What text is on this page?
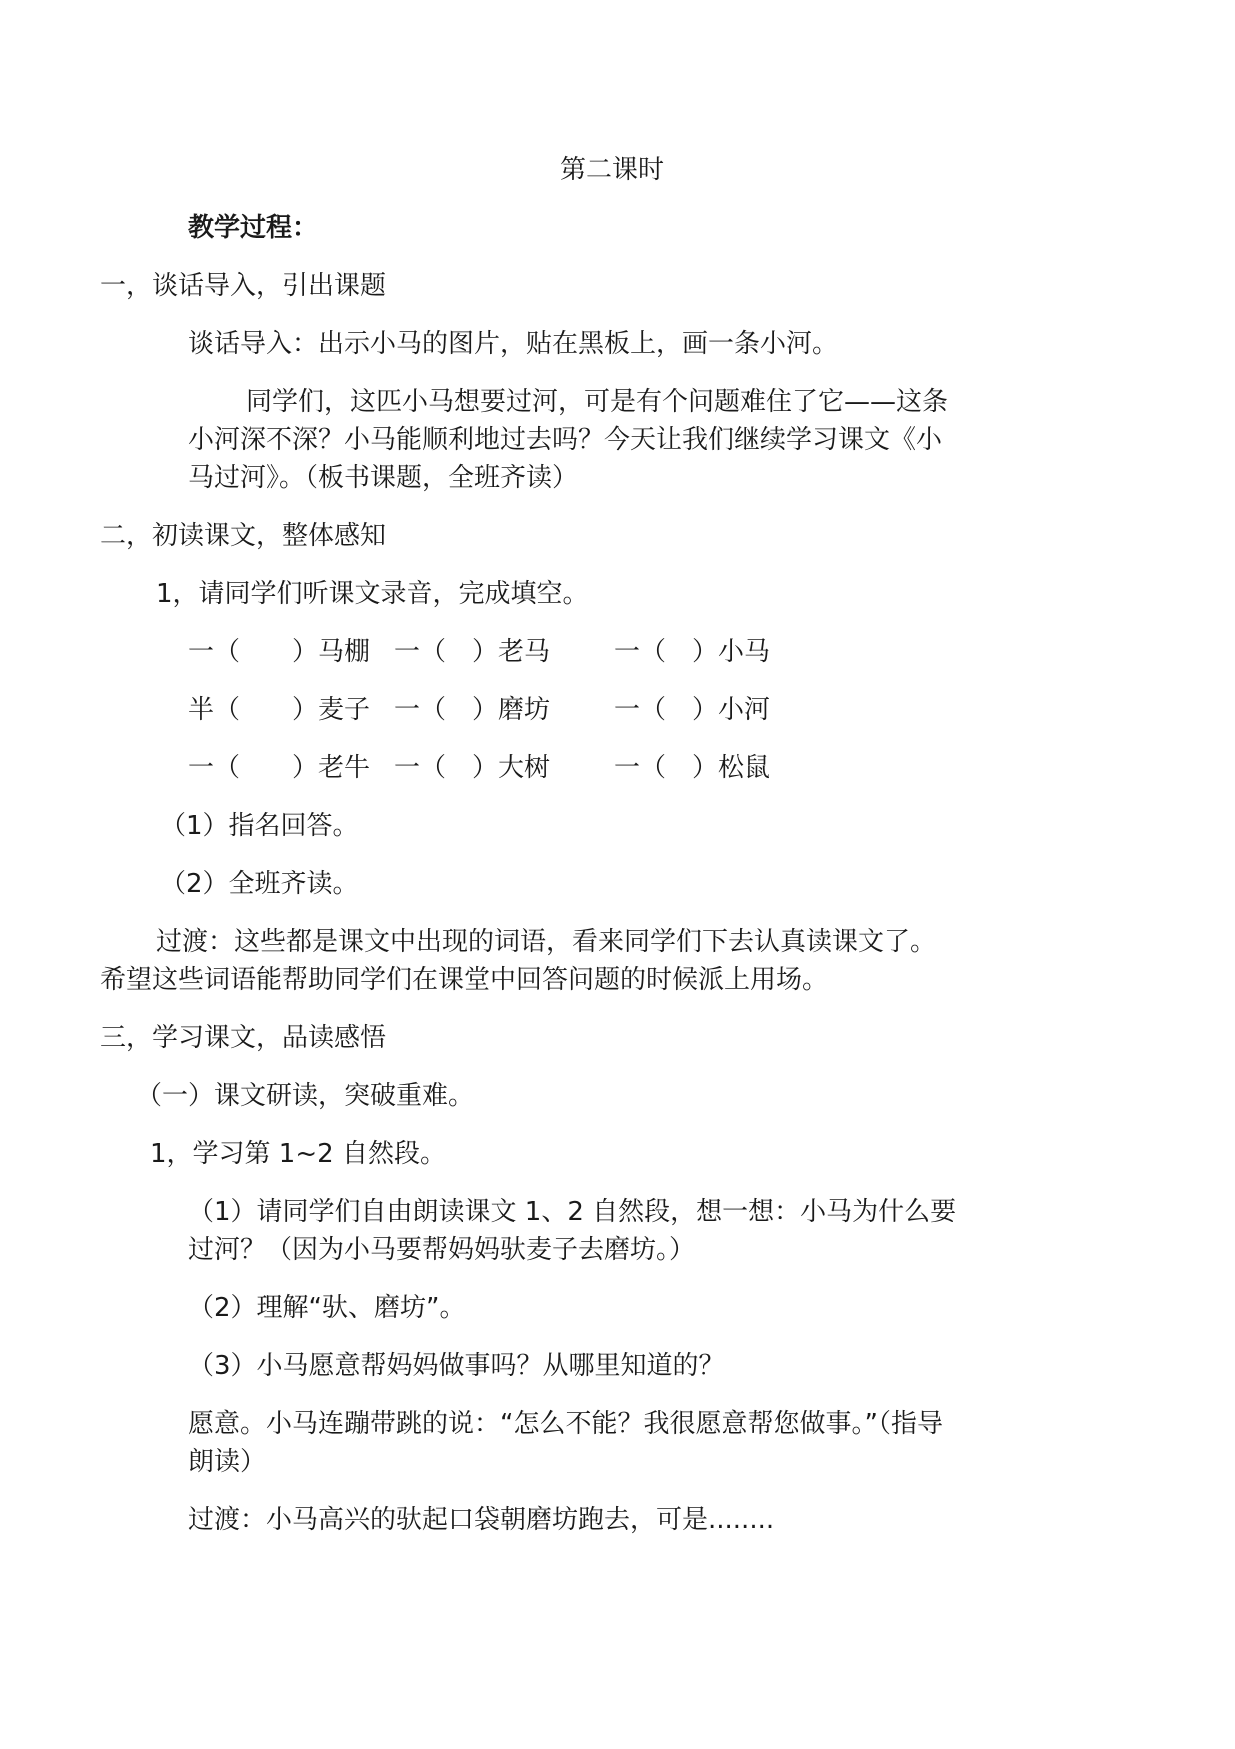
第二课时
教学过程：
一，谈话导入，引出课题
谈话导入：出示小马的图片，贴在黑板上，画一条小河。
同学们，这匹小马想要过河，可是有个问题难住了它——这条
小河深不深？小马能顺利地过去吗？今天让我们继续学习课文《小
马过河》。（板书课题，全班齐读）
二，初读课文，整体感知
1，请同学们听课文录音，完成填空。
一（　　）马棚 一（　）老马	一（　）小马
半（　　）麦子 一（　）磨坊	一（　）小河
一（　　）老牛 一（　）大树	一（　）松鼠
（1）指名回答。
（2）全班齐读。
过渡：这些都是课文中出现的词语，看来同学们下去认真读课文了。
希望这些词语能帮助同学们在课堂中回答问题的时候派上用场。
三，学习课文，品读感悟
（一）课文研读，突破重难。
1，学习第 1~2 自然段。
（1）请同学们自由朗读课文 1、2 自然段，想一想：小马为什么要
过河？（因为小马要帮妈妈驮麦子去磨坊。）
（2）理解“驮、磨坊”。
（3）小马愿意帮妈妈做事吗？从哪里知道的？
愿意。小马连蹦带跳的说：“怎么不能？我很愿意帮您做事。”（指导
朗读）
过渡：小马高兴的驮起口袋朝磨坊跑去，可是........
